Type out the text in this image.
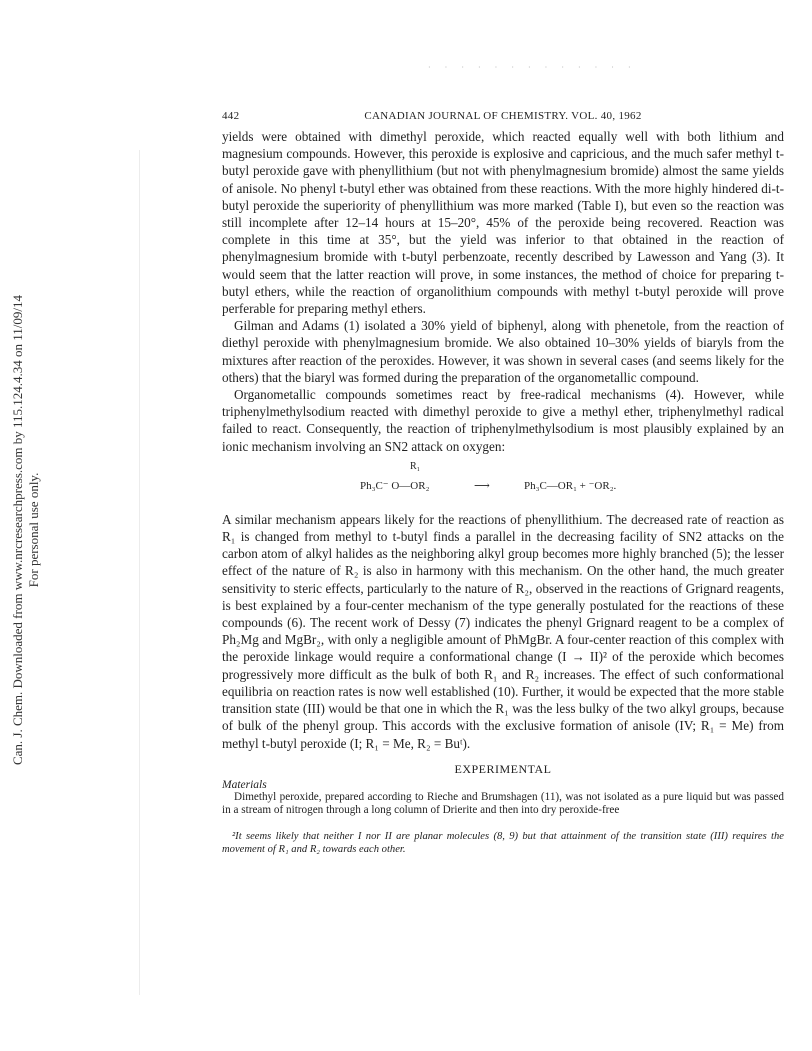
· · · · · · · · · · · · ·
Can. J. Chem. Downloaded from www.nrcresearchpress.com by 115.124.4.34 on 11/09/14 For personal use only.
442	CANADIAN JOURNAL OF CHEMISTRY. VOL. 40, 1962

yields were obtained with dimethyl peroxide, which reacted equally well with both lithium and magnesium compounds. However, this peroxide is explosive and capricious, and the much safer methyl t-butyl peroxide gave with phenyllithium (but not with phenylmagnesium bromide) almost the same yields of anisole. No phenyl t-butyl ether was obtained from these reactions. With the more highly hindered di-t-butyl peroxide the superiority of phenyllithium was more marked (Table I), but even so the reaction was still incomplete after 12–14 hours at 15–20°, 45% of the peroxide being recovered. Reaction was complete in this time at 35°, but the yield was inferior to that obtained in the reaction of phenylmagnesium bromide with t-butyl perbenzoate, recently described by Lawesson and Yang (3). It would seem that the latter reaction will prove, in some instances, the method of choice for preparing t-butyl ethers, while the reaction of organolithium compounds with methyl t-butyl peroxide will prove perferable for preparing methyl ethers.

Gilman and Adams (1) isolated a 30% yield of biphenyl, along with phenetole, from the reaction of diethyl peroxide with phenylmagnesium bromide. We also obtained 10–30% yields of biaryls from the mixtures after reaction of the peroxides. However, it was shown in several cases (and seems likely for the others) that the biaryl was formed during the preparation of the organometallic compound.

Organometallic compounds sometimes react by free-radical mechanisms (4). However, while triphenylmethylsodium reacted with dimethyl peroxide to give a methyl ether, triphenylmethyl radical failed to react. Consequently, the reaction of triphenylmethylsodium is most plausibly explained by an ionic mechanism involving an SN2 attack on oxygen:

R₁
Ph₃C⁻ O—OR₂	⟶	Ph₃C—OR₁ + ⁻OR₂.

A similar mechanism appears likely for the reactions of phenyllithium. The decreased rate of reaction as R₁ is changed from methyl to t-butyl finds a parallel in the decreasing facility of SN2 attacks on the carbon atom of alkyl halides as the neighboring alkyl group becomes more highly branched (5); the lesser effect of the nature of R₂ is also in harmony with this mechanism. On the other hand, the much greater sensitivity to steric effects, particularly to the nature of R₂, observed in the reactions of Grignard reagents, is best explained by a four-center mechanism of the type generally postulated for the reactions of these compounds (6). The recent work of Dessy (7) indicates the phenyl Grignard reagent to be a complex of Ph₂Mg and MgBr₂, with only a negligible amount of PhMgBr. A four-center reaction of this complex with the peroxide linkage would require a conformational change (I → II)² of the peroxide which becomes progressively more difficult as the bulk of both R₁ and R₂ increases. The effect of such conformational equilibria on reaction rates is now well established (10). Further, it would be expected that the more stable transition state (III) would be that one in which the R₁ was the less bulky of the two alkyl groups, because of bulk of the phenyl group. This accords with the exclusive formation of anisole (IV; R₁ = Me) from methyl t-butyl peroxide (I; R₁ = Me, R₂ = Buᵗ).

EXPERIMENTAL
Materials

Dimethyl peroxide, prepared according to Rieche and Brumshagen (11), was not isolated as a pure liquid but was passed in a stream of nitrogen through a long column of Drierite and then into dry peroxide-free

²It seems likely that neither I nor II are planar molecules (8, 9) but that attainment of the transition state (III) requires the movement of R₁ and R₂ towards each other.
